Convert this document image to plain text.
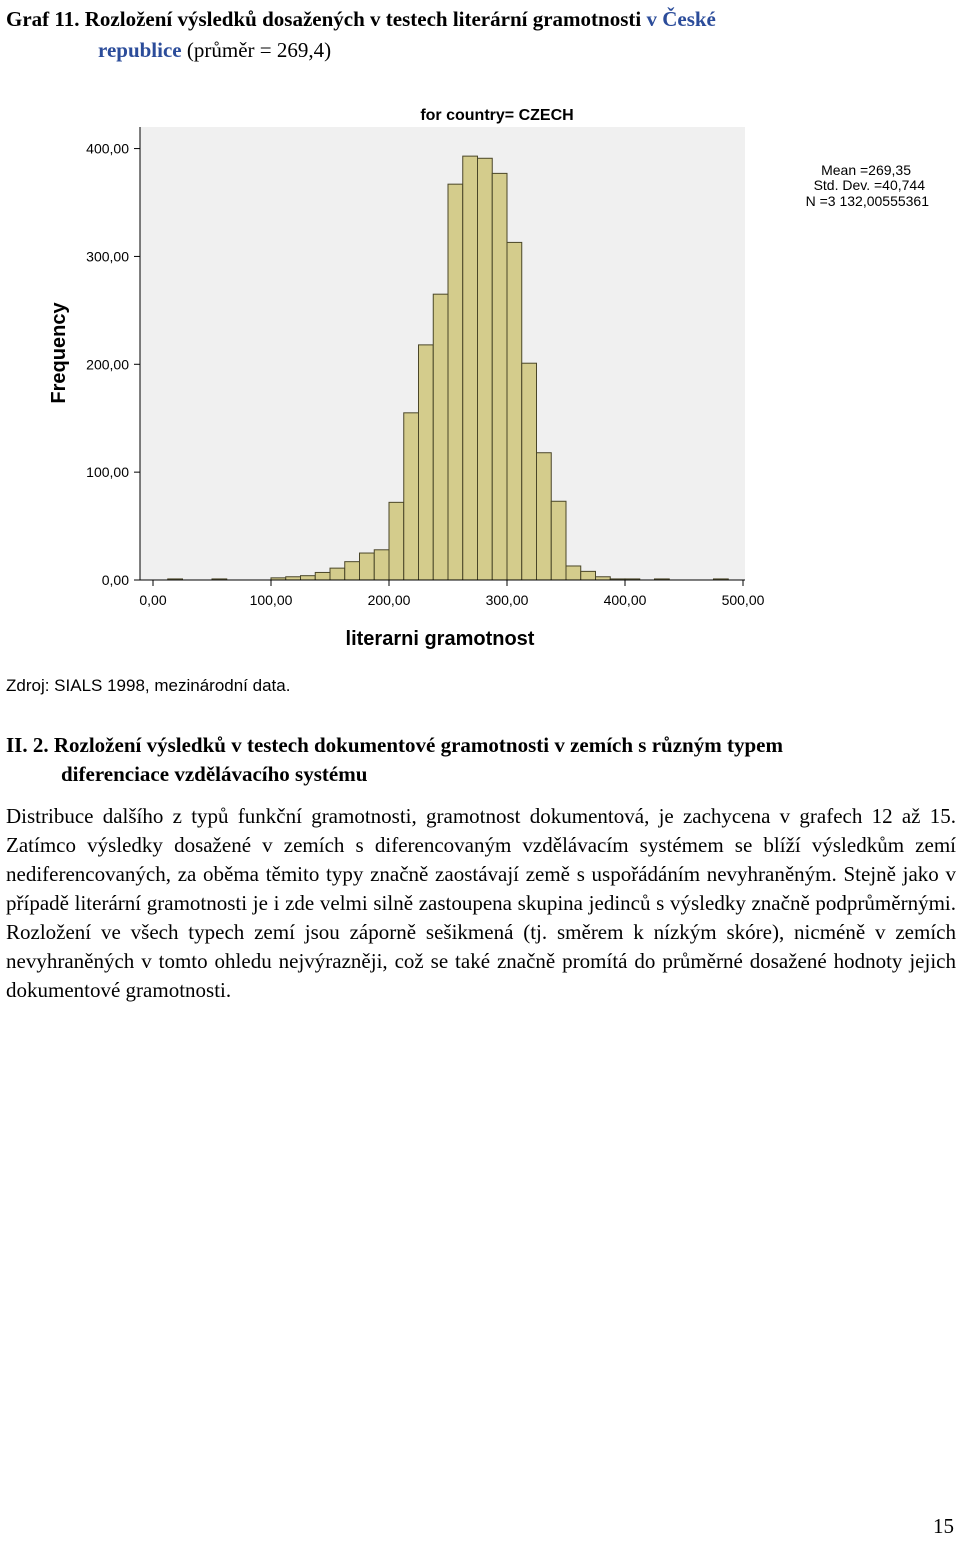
Graf 11. Rozložení výsledků dosažených v testech literární gramotnosti v České
republice (průměr = 269,4)
0,00
100,00
200,00
300,00
400,00
0,00	100,00	200,00	300,00	400,00	500,00
for country= CZECH
literarni gramotnost
Frequency
Mean =269,35
Std. Dev. =40,744
N =3 132,00555361
Zdroj: SIALS 1998, mezinárodní data.
II. 2. Rozložení výsledků v testech dokumentové gramotnosti v zemích s různým typem
diferenciace vzdělávacího systému
Distribuce dalšího z typů funkční gramotnosti, gramotnost dokumentová, je zachycena v grafech 12 až 15. Zatímco výsledky dosažené v zemích s diferencovaným vzdělávacím systémem se blíží výsledkům zemí nediferencovaných, za oběma těmito typy značně zaostávají země s uspořádáním nevyhraněným. Stejně jako v případě literární gramotnosti je i zde velmi silně zastoupena skupina jedinců s výsledky značně podprůměrnými. Rozložení ve všech typech zemí jsou záporně sešikmená (tj. směrem k nízkým skóre), nicméně v zemích nevyhraněných v tomto ohledu nejvýrazněji, což se také značně promítá do průměrné dosažené hodnoty jejich dokumentové gramotnosti.
15
